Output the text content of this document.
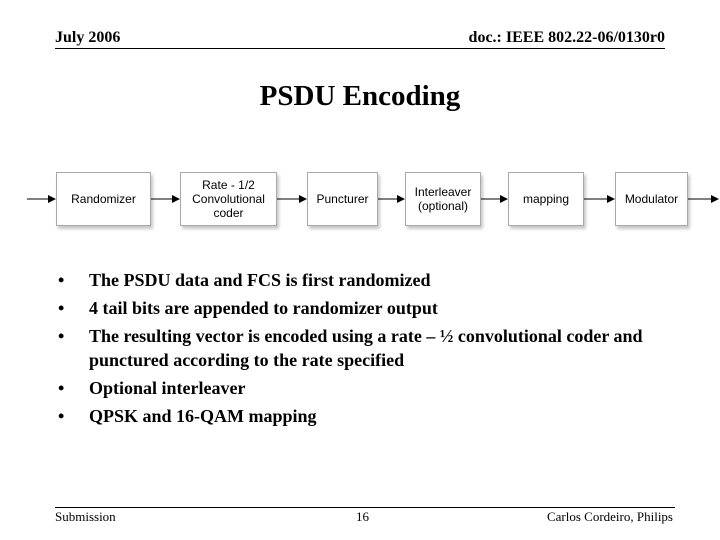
July 2006	doc.: IEEE 802.22-06/0130r0
PSDU Encoding
Randomizer
Rate - 1/2
Convolutional
coder
Puncturer	Interleaver
(optional)	mapping	Modulator
• The PSDU data and FCS is first randomized
• 4 tail bits are appended to randomizer output
• The resulting vector is encoded using a rate – ½ convolutional coder and punctured according to the rate specified
• Optional interleaver
• QPSK and 16-QAM mapping
Submission	16	Carlos Cordeiro, Philips
